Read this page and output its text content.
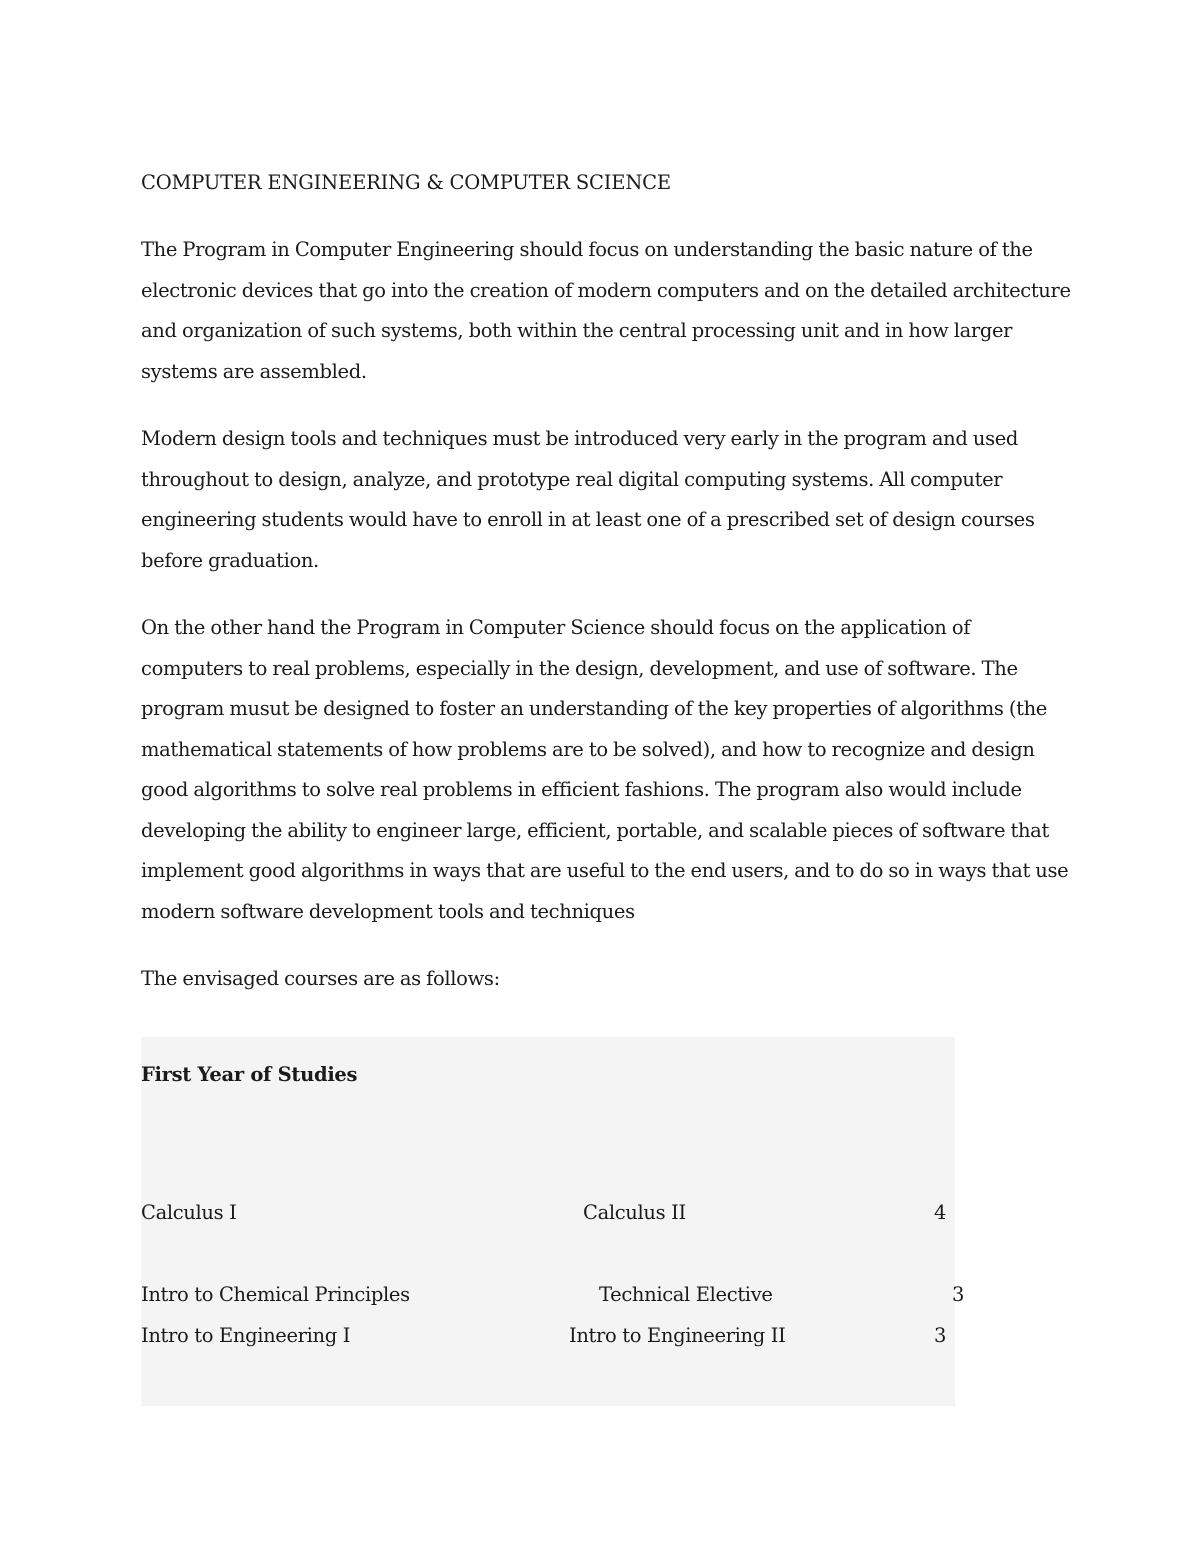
COMPUTER ENGINEERING & COMPUTER SCIENCE

The Program in Computer Engineering should focus on understanding the basic nature of the electronic devices that go into the creation of modern computers and on the detailed architecture and organization of such systems, both within the central processing unit and in how larger systems are assembled.

Modern design tools and techniques must be introduced very early in the program and used throughout to design, analyze, and prototype real digital computing systems. All computer engineering students would have to enroll in at least one of a prescribed set of design courses before graduation.

On the other hand the Program in Computer Science should focus on the application of computers to real problems, especially in the design, development, and use of software. The program musut be designed to foster an understanding of the key properties of algorithms (the mathematical statements of how problems are to be solved), and how to recognize and design good algorithms to solve real problems in efficient fashions. The program also would include developing the ability to engineer large, efficient, portable, and scalable pieces of software that implement good algorithms in ways that are useful to the end users, and to do so in ways that use modern software development tools and techniques

The envisaged courses are as follows:

First Year of Studies
Calculus I	Calculus II	4
Intro to Chemical Principles	Technical Elective	3
Intro to Engineering I	Intro to Engineering II	3
